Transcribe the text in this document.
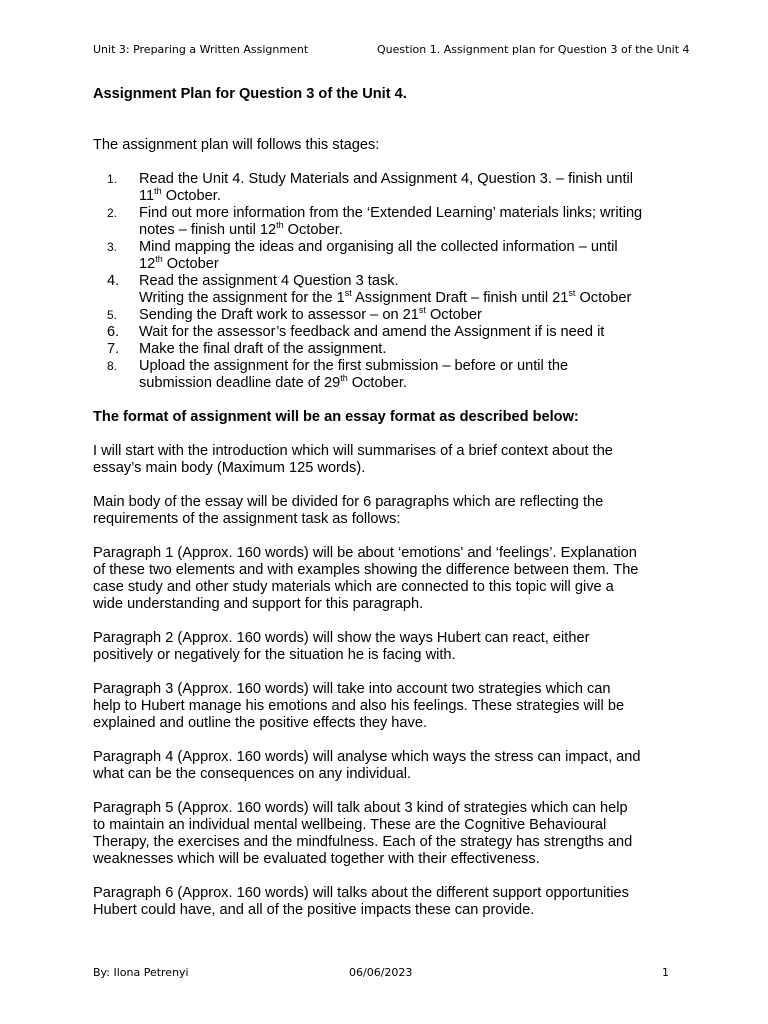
Unit 3: Preparing a Written Assignment	Question 1. Assignment plan for Question 3 of the Unit 4

Assignment Plan for Question 3 of the Unit 4.

The assignment plan will follows this stages:

1.	Read the Unit 4. Study Materials and Assignment 4, Question 3. – finish until
11th October.
2.	Find out more information from the ‘Extended Learning’ materials links; writing
notes – finish until 12th October.
3.	Mind mapping the ideas and organising all the collected information – until
12th October
4.	Read the assignment 4 Question 3 task.
Writing the assignment for the 1st Assignment Draft – finish until 21st October
5.	Sending the Draft work to assessor – on 21st October
6.	Wait for the assessor’s feedback and amend the Assignment if is need it
7.	Make the final draft of the assignment.
8.	Upload the assignment for the first submission – before or until the
submission deadline date of 29th October.

The format of assignment will be an essay format as described below:

I will start with the introduction which will summarises of a brief context about the
essay’s main body (Maximum 125 words).
Main body of the essay will be divided for 6 paragraphs which are reflecting the
requirements of the assignment task as follows:
Paragraph 1 (Approx. 160 words) will be about ‘emotions' and ‘feelings’. Explanation
of these two elements and with examples showing the difference between them. The
case study and other study materials which are connected to this topic will give a
wide understanding and support for this paragraph.
Paragraph 2 (Approx. 160 words) will show the ways Hubert can react, either
positively or negatively for the situation he is facing with.
Paragraph 3 (Approx. 160 words) will take into account two strategies which can
help to Hubert manage his emotions and also his feelings. These strategies will be
explained and outline the positive effects they have.
Paragraph 4 (Approx. 160 words) will analyse which ways the stress can impact, and
what can be the consequences on any individual.
Paragraph 5 (Approx. 160 words) will talk about 3 kind of strategies which can help
to maintain an individual mental wellbeing. These are the Cognitive Behavioural
Therapy, the exercises and the mindfulness. Each of the strategy has strengths and
weaknesses which will be evaluated together with their effectiveness.
Paragraph 6 (Approx. 160 words) will talks about the different support opportunities
Hubert could have, and all of the positive impacts these can provide.
By: Ilona Petrenyi	06/06/2023	1
